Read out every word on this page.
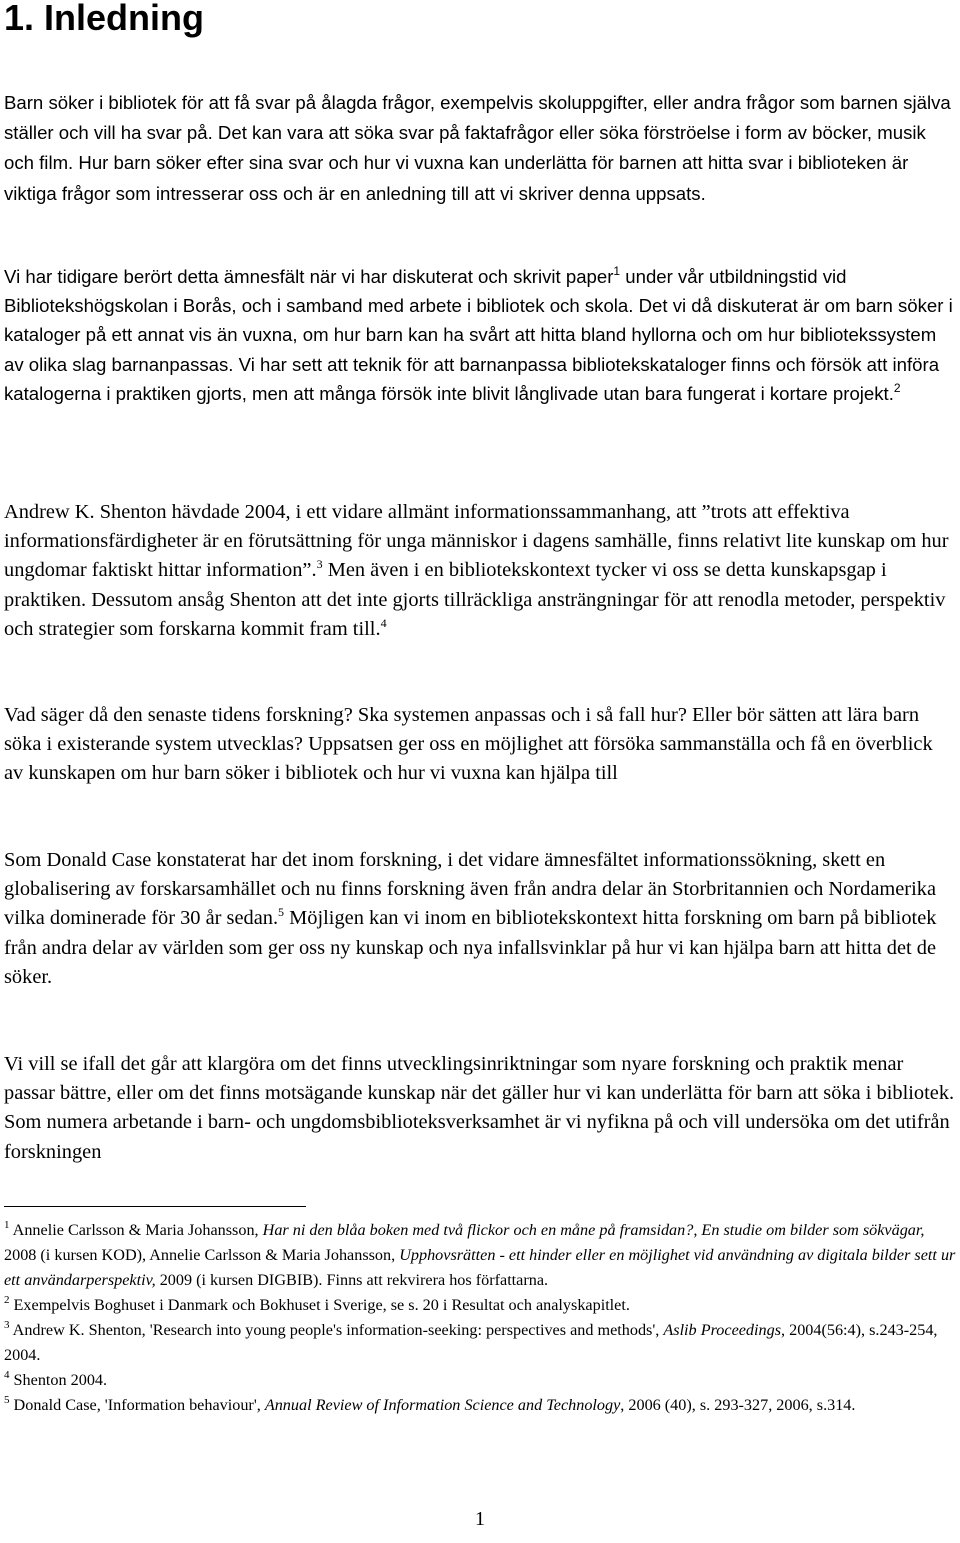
1. Inledning

Barn söker i bibliotek för att få svar på ålagda frågor, exempelvis skoluppgifter, eller andra frågor som barnen själva ställer och vill ha svar på. Det kan vara att söka svar på faktafrågor eller söka förströelse i form av böcker, musik och film. Hur barn söker efter sina svar och hur vi vuxna kan underlätta för barnen att hitta svar i biblioteken är viktiga frågor som intresserar oss och är en anledning till att vi skriver denna uppsats.

Vi har tidigare berört detta ämnesfält när vi har diskuterat och skrivit paper$^1$ under vår utbildningstid vid Bibliotekshögskolan i Borås, och i samband med arbete i bibliotek och skola. Det vi då diskuterat är om barn söker i kataloger på ett annat vis än vuxna, om hur barn kan ha svårt att hitta bland hyllorna och om hur bibliotekssystem av olika slag barnanpassas. Vi har sett att teknik för att barnanpassa bibliotekskataloger finns och försök att införa katalogerna i praktiken gjorts, men att många försök inte blivit långlivade utan bara fungerat i kortare projekt.$^2$

Andrew K. Shenton hävdade 2004, i ett vidare allmänt informationssammanhang, att ”trots att effektiva informationsfärdigheter är en förutsättning för unga människor i dagens samhälle, finns relativt lite kunskap om hur ungdomar faktiskt hittar information”.$^3$ Men även i en bibliotekskontext tycker vi oss se detta kunskapsgap i praktiken. Dessutom ansåg Shenton att det inte gjorts tillräckliga ansträngningar för att renodla metoder, perspektiv och strategier som forskarna kommit fram till.$^4$

Vad säger då den senaste tidens forskning? Ska systemen anpassas och i så fall hur? Eller bör sätten att lära barn söka i existerande system utvecklas? Uppsatsen ger oss en möjlighet att försöka sammanställa och få en överblick av kunskapen om hur barn söker i bibliotek och hur vi vuxna kan hjälpa till

Som Donald Case konstaterat har det inom forskning, i det vidare ämnesfältet informationssökning, skett en globalisering av forskarsamhället och nu finns forskning även från andra delar än Storbritannien och Nordamerika vilka dominerade för 30 år sedan.$^5$ Möjligen kan vi inom en bibliotekskontext hitta forskning om barn på bibliotek från andra delar av världen som ger oss ny kunskap och nya infallsvinklar på hur vi kan hjälpa barn att hitta det de söker.

Vi vill se ifall det går att klargöra om det finns utvecklingsinriktningar som nyare forskning och praktik menar passar bättre, eller om det finns motsägande kunskap när det gäller hur vi kan underlätta för barn att söka i bibliotek. Som numera arbetande i barn- och ungdomsbiblioteksverksamhet är vi nyfikna på och vill undersöka om det utifrån forskningen

$^1$ Annelie Carlsson & Maria Johansson, Har ni den blåa boken med två flickor och en måne på framsidan?, En studie om bilder som sökvägar, 2008 (i kursen KOD), Annelie Carlsson & Maria Johansson, Upphovsrätten - ett hinder eller en möjlighet vid användning av digitala bilder sett ur ett användarperspektiv, 2009 (i kursen DIGBIB). Finns att rekvirera hos författarna.

$^2$ Exempelvis Boghuset i Danmark och Bokhuset i Sverige, se s. 20 i Resultat och analyskapitlet.

$^3$ Andrew K. Shenton, 'Research into young people's information-seeking: perspectives and methods', Aslib Proceedings, 2004(56:4), s.243-254, 2004.

$^4$ Shenton 2004.

$^5$ Donald Case, 'Information behaviour', Annual Review of Information Science and Technology, 2006 (40), s. 293-327, 2006, s.314.

1
